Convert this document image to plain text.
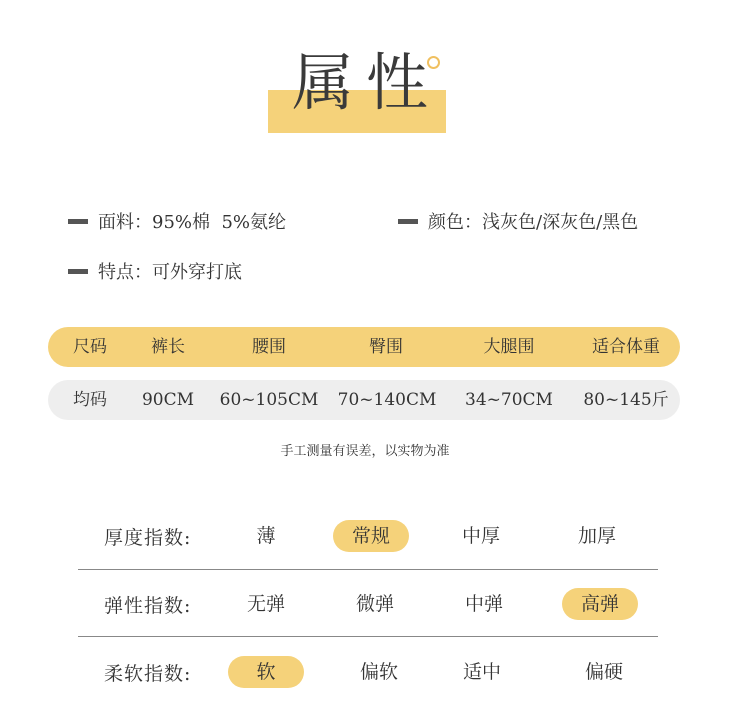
属性
面料：95%棉  5%氨纶	颜色：浅灰色/深灰色/黑色
特点：可外穿打底
尺码	裤长	腰围	臀围	大腿围	适合体重
均码	90CM	60~105CM	70~140CM	34~70CM	80~145斤
手工测量有误差，以实物为准
厚度指数:	薄	常规	中厚	加厚
弹性指数:	无弹	微弹	中弹	高弹
柔软指数:	软	偏软	适中	偏硬
